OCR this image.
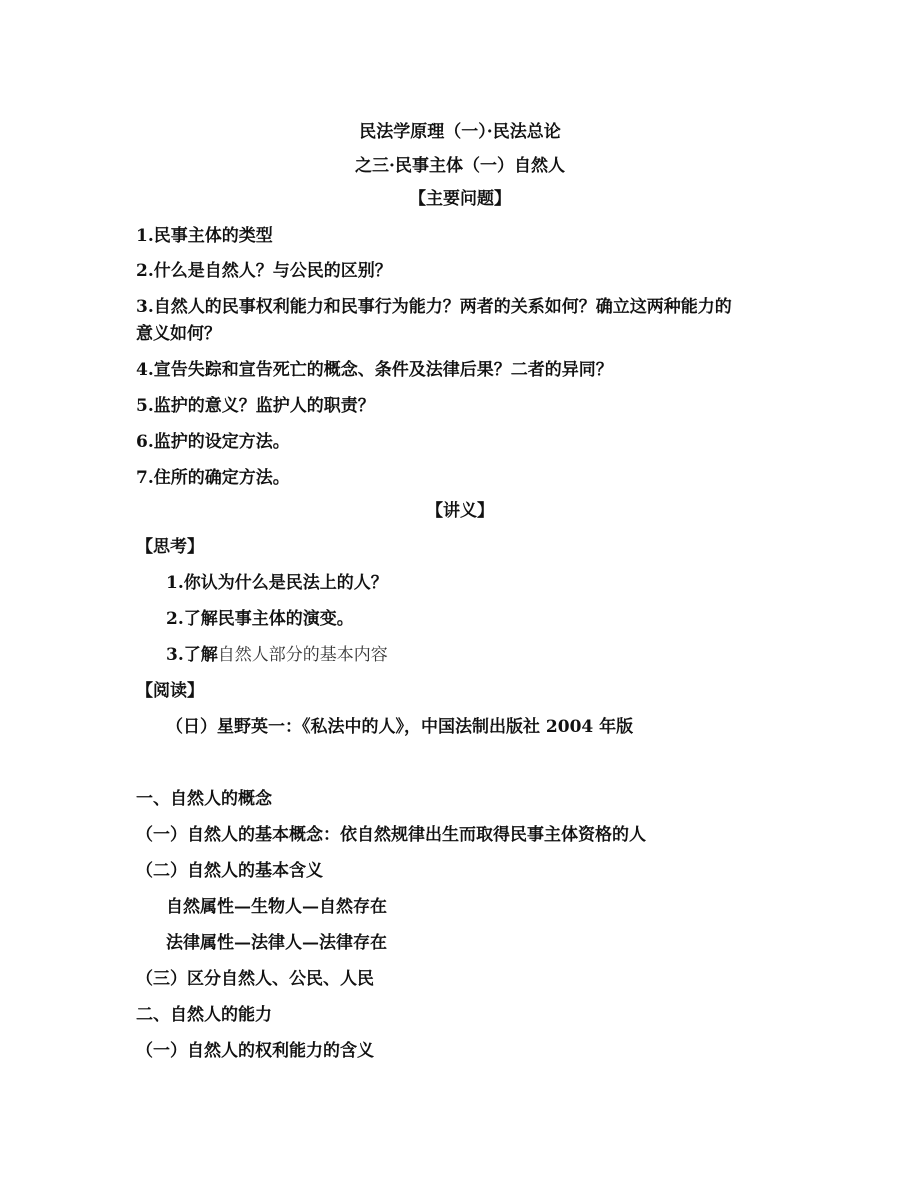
民法学原理（一）·民法总论
之三·民事主体（一）自然人
【主要问题】
1.民事主体的类型
2.什么是自然人？与公民的区别？
3.自然人的民事权利能力和民事行为能力？两者的关系如何？确立这两种能力的
意义如何？
4.宣告失踪和宣告死亡的概念、条件及法律后果？二者的异同？
5.监护的意义？监护人的职责？
6.监护的设定方法。
7.住所的确定方法。
【讲义】
【思考】
1.你认为什么是民法上的人？
2.了解民事主体的演变。
3.了解自然人部分的基本内容
【阅读】
（日）星野英一：《私法中的人》，中国法制出版社 2004 年版
一、自然人的概念
（一）自然人的基本概念：依自然规律出生而取得民事主体资格的人
（二）自然人的基本含义
自然属性—生物人—自然存在
法律属性—法律人—法律存在
（三）区分自然人、公民、人民
二、自然人的能力
（一）自然人的权利能力的含义
